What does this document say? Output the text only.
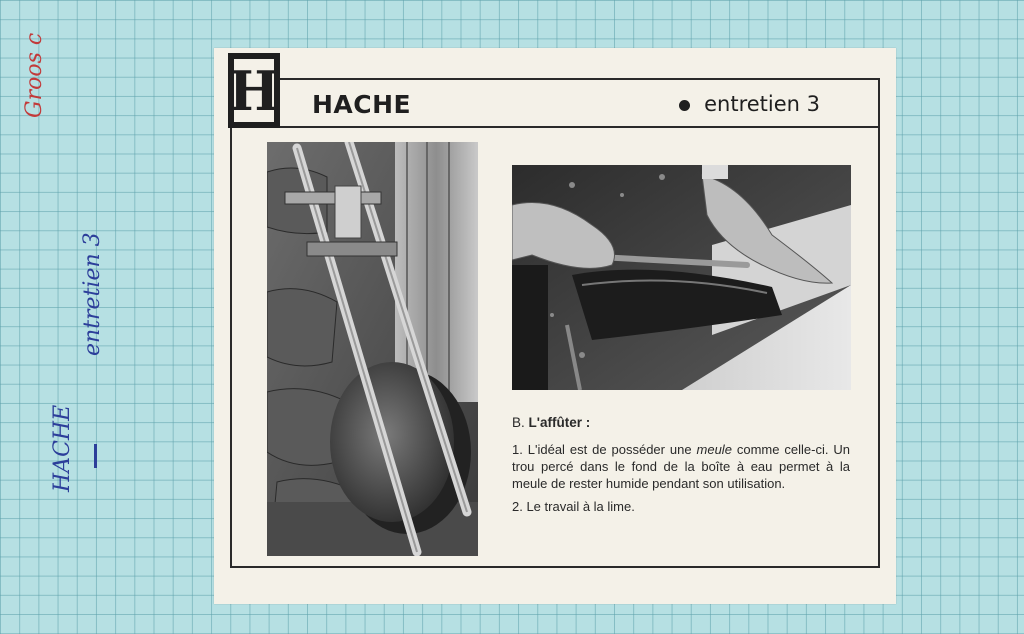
Groos c
entretien 3
HACHE
H HACHE	entretien 3

B. L'affûter :

1. L'idéal est de posséder une meule comme celle-ci. Un trou percé dans le fond de la boîte à eau permet à la meule de rester humide pendant son utilisation.

2. Le travail à la lime.
